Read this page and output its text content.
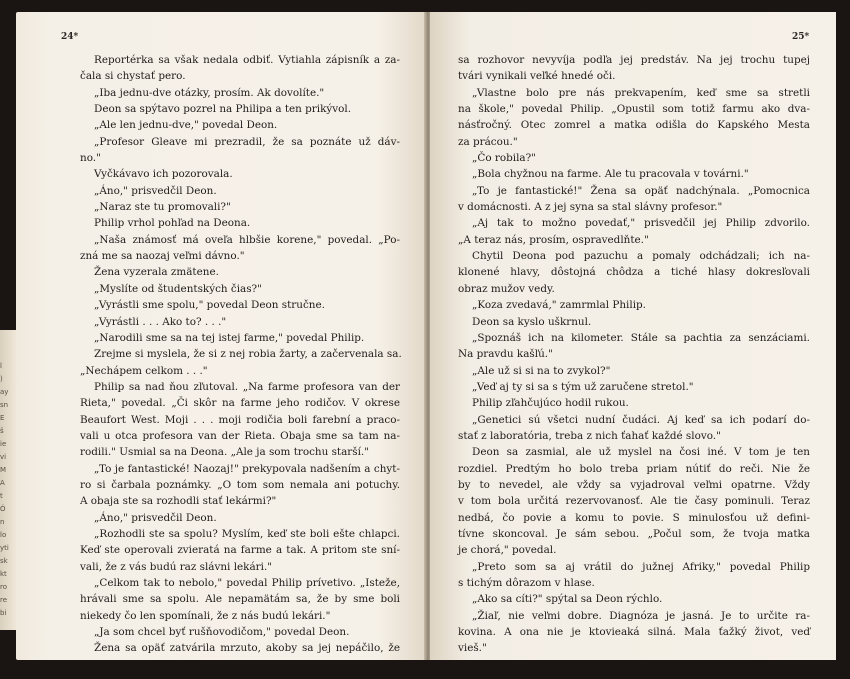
l
)
ay
sn
E
š
ie
vi
M
A
t
Ó
n
lo
yti
sk
kt
ro
re
bi
24*	25*
Reportérka sa však nedala odbiť. Vytiahla zápisník a za-
čala si chystať pero.
„Iba jednu-dve otázky, prosím. Ak dovolíte."
Deon sa spýtavo pozrel na Philipa a ten prikývol.
„Ale len jednu-dve," povedal Deon.
„Profesor Gleave mi prezradil, že sa poznáte už dáv-
no."
Vyčkávavo ich pozorovala.
„Áno," prisvedčil Deon.
„Naraz ste tu promovali?"
Philip vrhol pohľad na Deona.
„Naša známosť má oveľa hlbšie korene," povedal. „Po-
zná me sa naozaj veľmi dávno."
Žena vyzerala zmätene.
„Myslíte od študentských čias?"
„Vyrástli sme spolu," povedal Deon stručne.
„Vyrástli . . . Ako to? . . ."
„Narodili sme sa na tej istej farme," povedal Philip.
Zrejme si myslela, že si z nej robia žarty, a začervenala sa.
„Nechápem celkom . . ."
Philip sa nad ňou zľutoval. „Na farme profesora van der
Rieta," povedal. „Či skôr na farme jeho rodičov. V okrese
Beaufort West. Moji . . . moji rodičia boli farební a praco-
vali u otca profesora van der Rieta. Obaja sme sa tam na-
rodili." Usmial sa na Deona. „Ale ja som trochu starší."
„To je fantastické! Naozaj!" prekypovala nadšením a chyt-
ro si čarbala poznámky. „O tom som nemala ani potuchy.
A obaja ste sa rozhodli stať lekármi?"
„Áno," prisvedčil Deon.
„Rozhodli ste sa spolu? Myslím, keď ste boli ešte chlapci.
Keď ste operovali zvieratá na farme a tak. A pritom ste sní-
vali, že z vás budú raz slávni lekári."
„Celkom tak to nebolo," povedal Philip prívetivo. „Isteže,
hrávali sme sa spolu. Ale nepamätám sa, že by sme boli
niekedy čo len spomínali, že z nás budú lekári."
„Ja som chcel byť rušňovodičom," povedal Deon.
Žena sa opäť zatvárila mrzuto, akoby sa jej nepáčilo, že
sa rozhovor nevyvíja podľa jej predstáv. Na jej trochu tupej
tvári vynikali veľké hnedé oči.
„Vlastne bolo pre nás prekvapením, keď sme sa stretli
na škole," povedal Philip. „Opustil som totiž farmu ako dva-
násťročný. Otec zomrel a matka odišla do Kapského Mesta
za prácou."
„Čo robila?"
„Bola chyžnou na farme. Ale tu pracovala v továrni."
„To je fantastické!" Žena sa opäť nadchýnala. „Pomocnica
v domácnosti. A z jej syna sa stal slávny profesor."
„Aj tak to možno povedať," prisvedčil jej Philip zdvorilo.
„A teraz nás, prosím, ospravedlňte."
Chytil Deona pod pazuchu a pomaly odchádzali; ich na-
klonené hlavy, dôstojná chôdza a tiché hlasy dokresľovali
obraz mužov vedy.
„Koza zvedavá," zamrmlal Philip.
Deon sa kyslo uškrnul.
„Spoznáš ich na kilometer. Stále sa pachtia za senzáciami.
Na pravdu kašľú."
„Ale už si si na to zvykol?"
„Veď aj ty si sa s tým už zaručene stretol."
Philip zľahčujúco hodil rukou.
„Genetici sú všetci nudní čudáci. Aj keď sa ich podarí do-
stať z laboratória, treba z nich ťahať každé slovo."
Deon sa zasmial, ale už myslel na čosi iné. V tom je ten
rozdiel. Predtým ho bolo treba priam nútiť do reči. Nie že
by to nevedel, ale vždy sa vyjadroval veľmi opatrne. Vždy
v tom bola určitá rezervovanosť. Ale tie časy pominuli. Teraz
nedbá, čo povie a komu to povie. S minulosťou už defini-
tívne skoncoval. Je sám sebou. „Počul som, že tvoja matka
je chorá," povedal.
„Preto som sa aj vrátil do južnej Afriky," povedal Philip
s tichým dôrazom v hlase.
„Ako sa cíti?" spýtal sa Deon rýchlo.
„Žiaľ, nie veľmi dobre. Diagnóza je jasná. Je to určite ra-
kovina. A ona nie je ktovieaká silná. Mala ťažký život, veď
vieš."
